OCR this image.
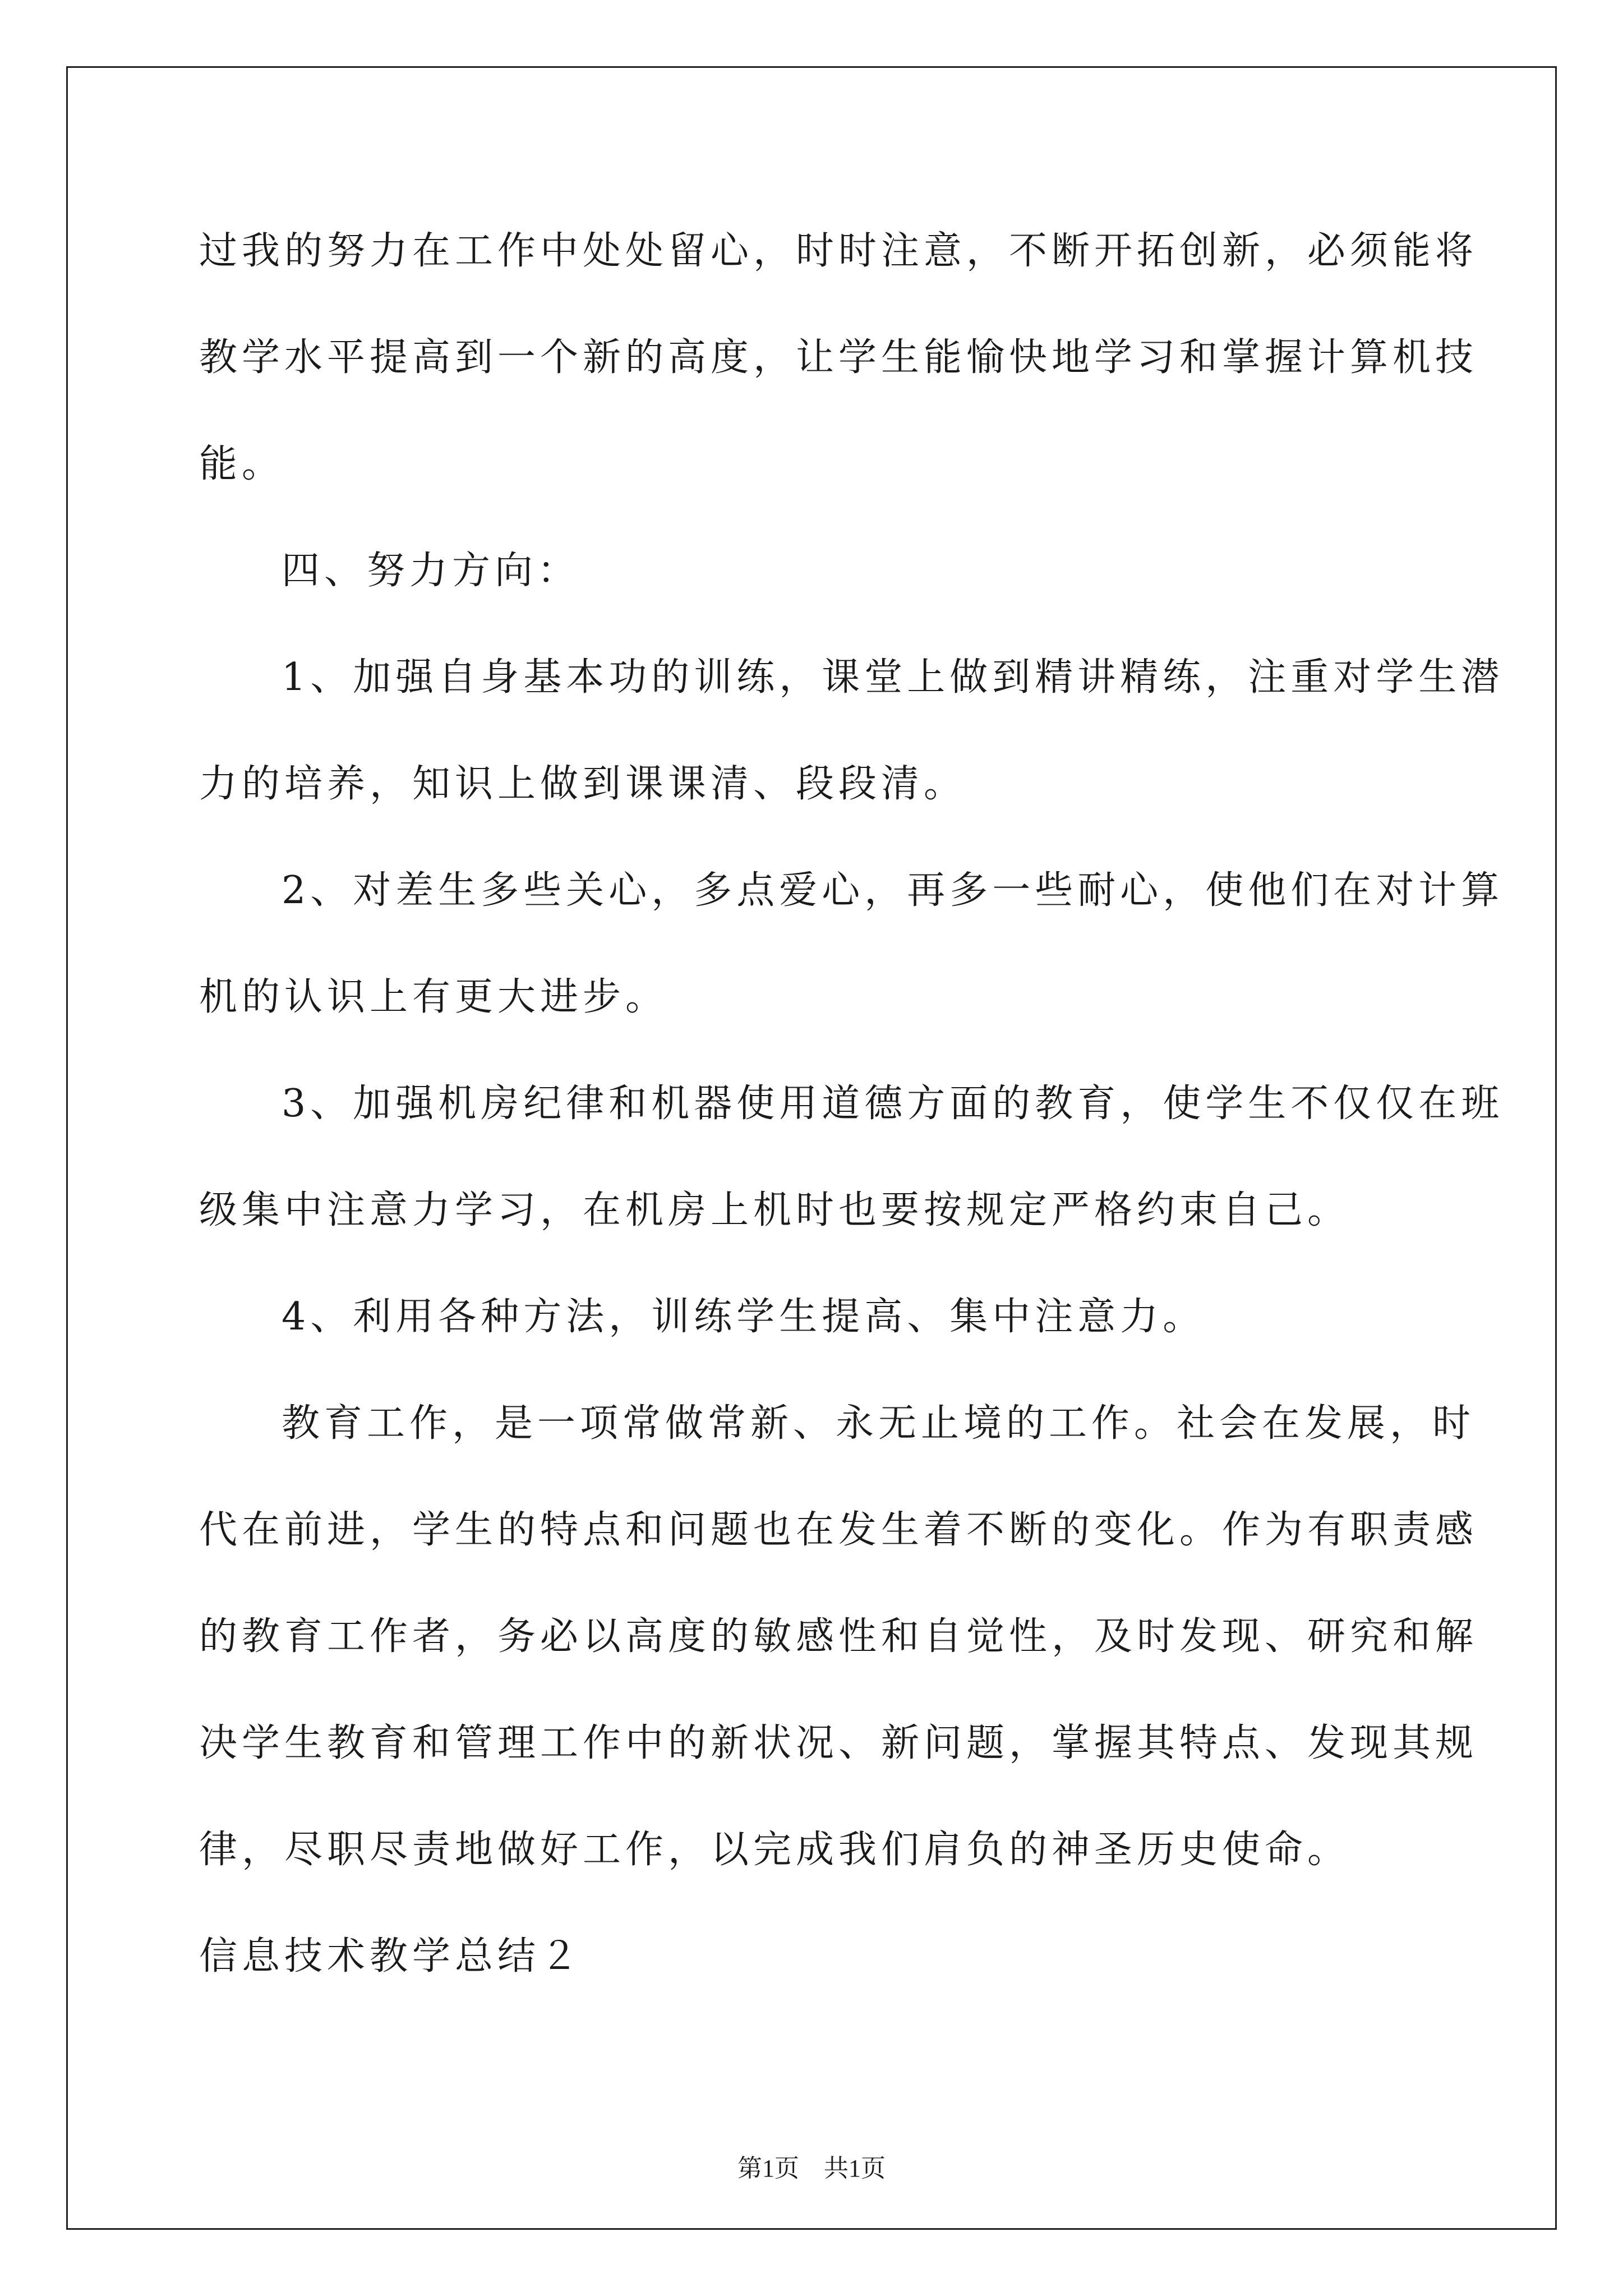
过我的努力在工作中处处留心，时时注意，不断开拓创新，必须能将
教学水平提高到一个新的高度，让学生能愉快地学习和掌握计算机技
能。
四、努力方向：
1、加强自身基本功的训练，课堂上做到精讲精练，注重对学生潜
力的培养，知识上做到课课清、段段清。
2、对差生多些关心，多点爱心，再多一些耐心，使他们在对计算
机的认识上有更大进步。
3、加强机房纪律和机器使用道德方面的教育，使学生不仅仅在班
级集中注意力学习，在机房上机时也要按规定严格约束自己。
4、利用各种方法，训练学生提高、集中注意力。
教育工作，是一项常做常新、永无止境的工作。社会在发展，时
代在前进，学生的特点和问题也在发生着不断的变化。作为有职责感
的教育工作者，务必以高度的敏感性和自觉性，及时发现、研究和解
决学生教育和管理工作中的新状况、新问题，掌握其特点、发现其规
律，尽职尽责地做好工作，以完成我们肩负的神圣历史使命。
信息技术教学总结２
第1页　共1页
